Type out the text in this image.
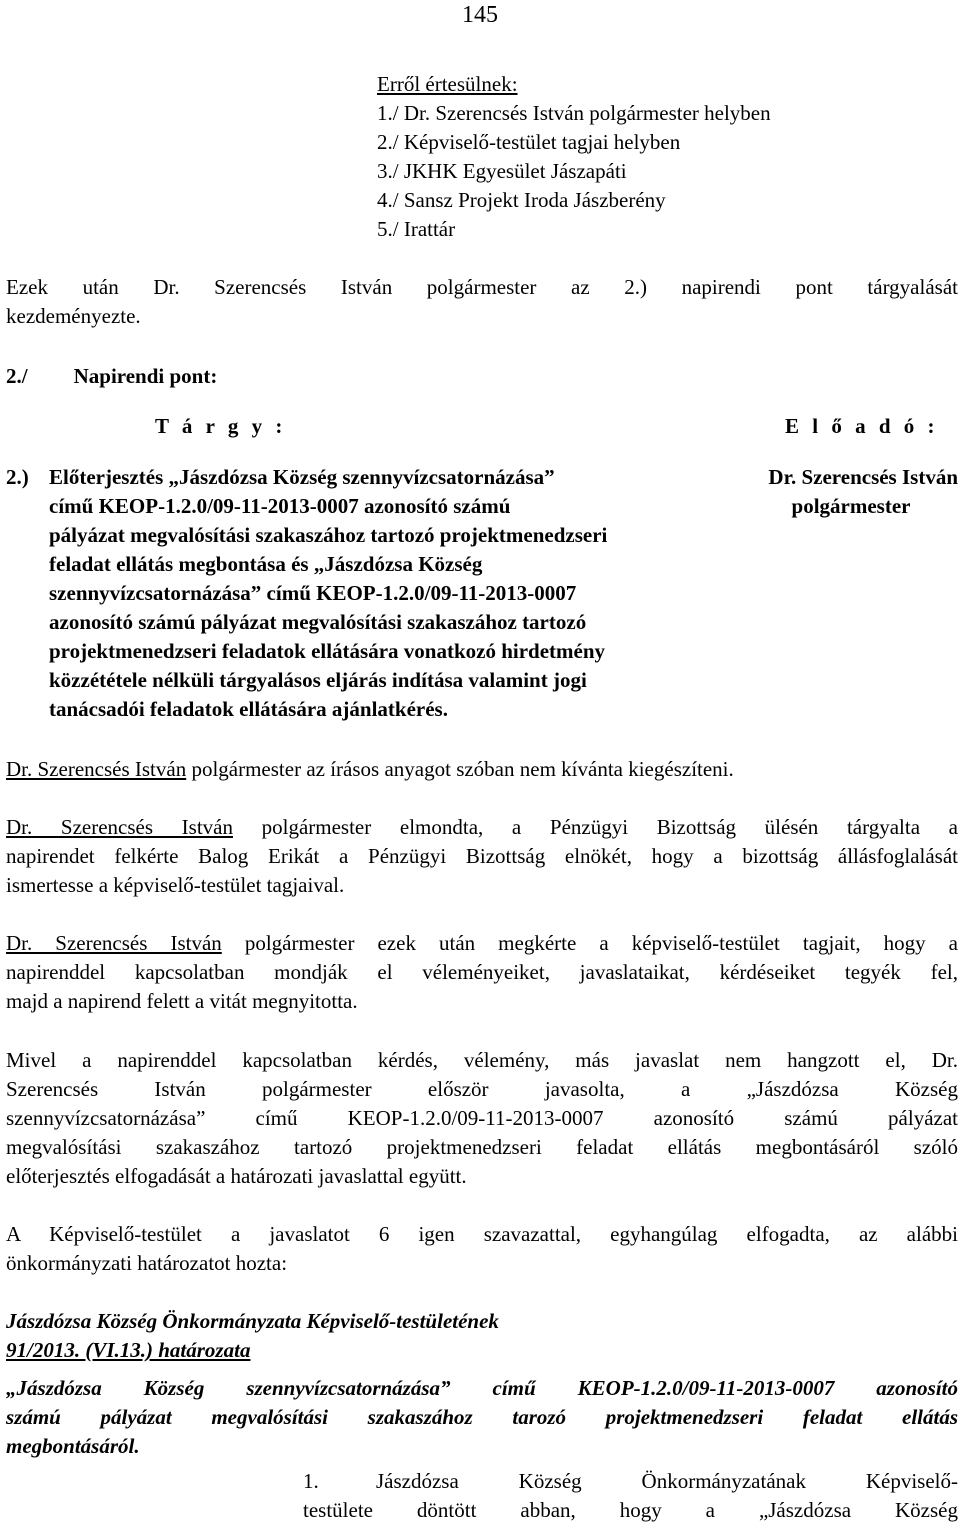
145
Erről értesülnek:
1./ Dr. Szerencsés István polgármester helyben
2./ Képviselő-testület tagjai helyben
3./ JKHK Egyesület Jászapáti
4./ Sansz Projekt Iroda Jászberény
5./ Irattár
Ezek után Dr. Szerencsés István polgármester az 2.) napirendi pont tárgyalását
kezdeményezte.
2./ Napirendi pont:
T á r g y :	E l ő a d ó :
2.) Előterjesztés „Jászdózsa Község szennyvízcsatornázása”
című KEOP-1.2.0/09-11-2013-0007 azonosító számú
pályázat megvalósítási szakaszához tartozó projektmenedzseri
feladat ellátás megbontása és „Jászdózsa Község
szennyvízcsatornázása” című KEOP-1.2.0/09-11-2013-0007
azonosító számú pályázat megvalósítási szakaszához tartozó
projektmenedzseri feladatok ellátására vonatkozó hirdetmény
közzététele nélküli tárgyalásos eljárás indítása valamint jogi
tanácsadói feladatok ellátására ajánlatkérés.
Dr. Szerencsés István
polgármester
Dr. Szerencsés István polgármester az írásos anyagot szóban nem kívánta kiegészíteni.
Dr. Szerencsés István polgármester elmondta, a Pénzügyi Bizottság ülésén tárgyalta a
napirendet felkérte Balog Erikát a Pénzügyi Bizottság elnökét, hogy a bizottság állásfoglalását
ismertesse a képviselő-testület tagjaival.
Dr. Szerencsés István polgármester ezek után megkérte a képviselő-testület tagjait, hogy a
napirenddel kapcsolatban mondják el véleményeiket, javaslataikat, kérdéseiket tegyék fel,
majd a napirend felett a vitát megnyitotta.
Mivel a napirenddel kapcsolatban kérdés, vélemény, más javaslat nem hangzott el, Dr.
Szerencsés István polgármester először javasolta, a „Jászdózsa Község
szennyvízcsatornázása” című KEOP-1.2.0/09-11-2013-0007 azonosító számú pályázat
megvalósítási szakaszához tartozó projektmenedzseri feladat ellátás megbontásáról szóló
előterjesztés elfogadását a határozati javaslattal együtt.
A Képviselő-testület a javaslatot 6 igen szavazattal, egyhangúlag elfogadta, az alábbi
önkormányzati határozatot hozta:
Jászdózsa Község Önkormányzata Képviselő-testületének
91/2013. (VI.13.) határozata
„Jászdózsa Község szennyvízcsatornázása” című KEOP-1.2.0/09-11-2013-0007 azonosító
számú pályázat megvalósítási szakaszához tarozó projektmenedzseri feladat ellátás
megbontásáról.
1.	Jászdózsa Község Önkormányzatának Képviselő-
testülete döntött abban, hogy a „Jászdózsa Község
